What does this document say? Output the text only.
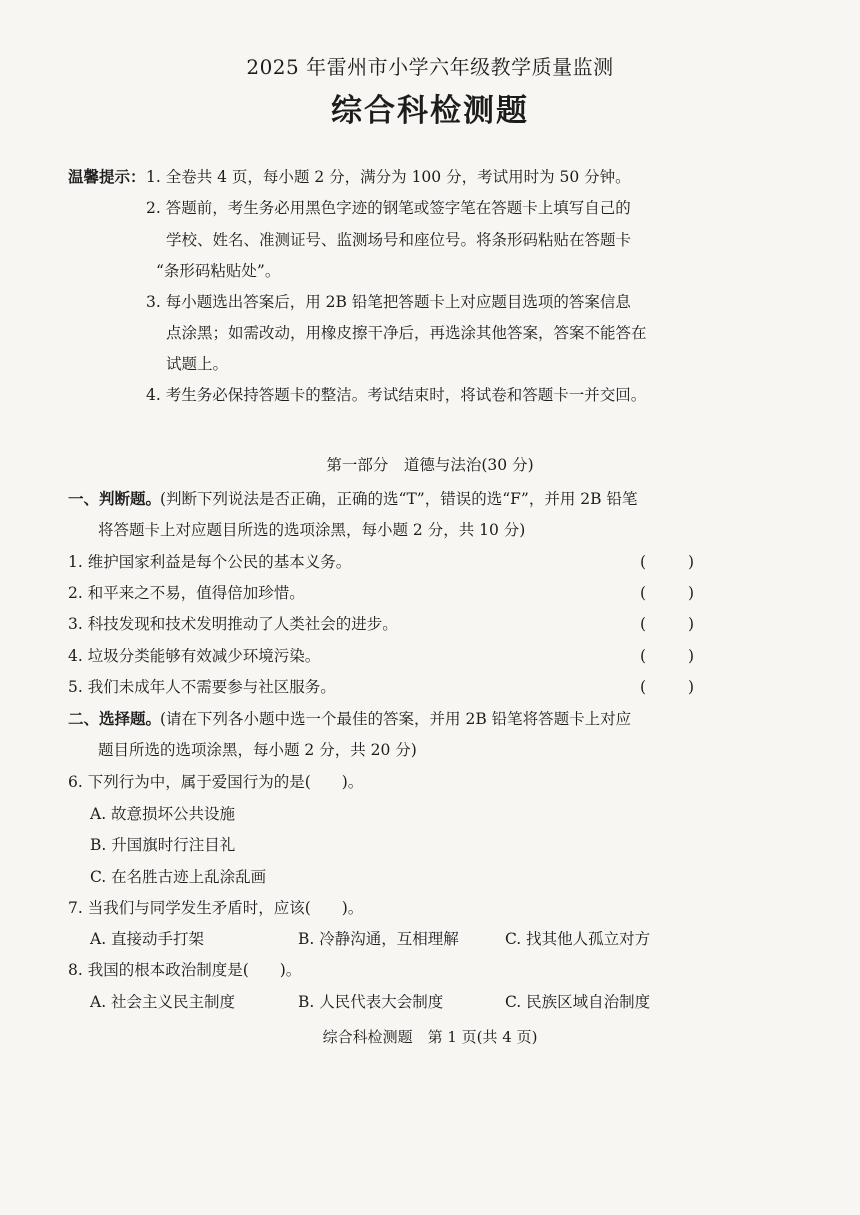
2025 年雷州市小学六年级教学质量监测
综合科检测题
温馨提示： 1. 全卷共 4 页，每小题 2 分，满分为 100 分，考试用时为 50 分钟。
2. 答题前，考生务必用黑色字迹的钢笔或签字笔在答题卡上填写自己的
学校、姓名、准测证号、监测场号和座位号。将条形码粘贴在答题卡
“条形码粘贴处”。
3. 每小题选出答案后，用 2B 铅笔把答题卡上对应题目选项的答案信息
点涂黑；如需改动，用橡皮擦干净后，再选涂其他答案，答案不能答在
试题上。
4. 考生务必保持答题卡的整洁。考试结束时，将试卷和答题卡一并交回。
第一部分　道德与法治(30 分)
一、判断题。
(判断下列说法是否正确，正确的选“T”，错误的选“F”，并用 2B 铅笔
将答题卡上对应题目所选的选项涂黑，每小题 2 分，共 10 分)
1. 维护国家利益是每个公民的基本义务。	(	)
2. 和平来之不易，值得倍加珍惜。	(	)
3. 科技发现和技术发明推动了人类社会的进步。	(	)
4. 垃圾分类能够有效减少环境污染。	(	)
5. 我们未成年人不需要参与社区服务。	(	)
二、选择题。
(请在下列各小题中选一个最佳的答案，并用 2B 铅笔将答题卡上对应
题目所选的选项涂黑，每小题 2 分，共 20 分)
6. 下列行为中，属于爱国行为的是(　　)。
A. 故意损坏公共设施
B. 升国旗时行注目礼
C. 在名胜古迹上乱涂乱画
7. 当我们与同学发生矛盾时，应该(　　)。
A. 直接动手打架	B. 冷静沟通，互相理解	C. 找其他人孤立对方
8. 我国的根本政治制度是(　　)。
A. 社会主义民主制度	B. 人民代表大会制度	C. 民族区域自治制度
综合科检测题　第 1 页(共 4 页)
